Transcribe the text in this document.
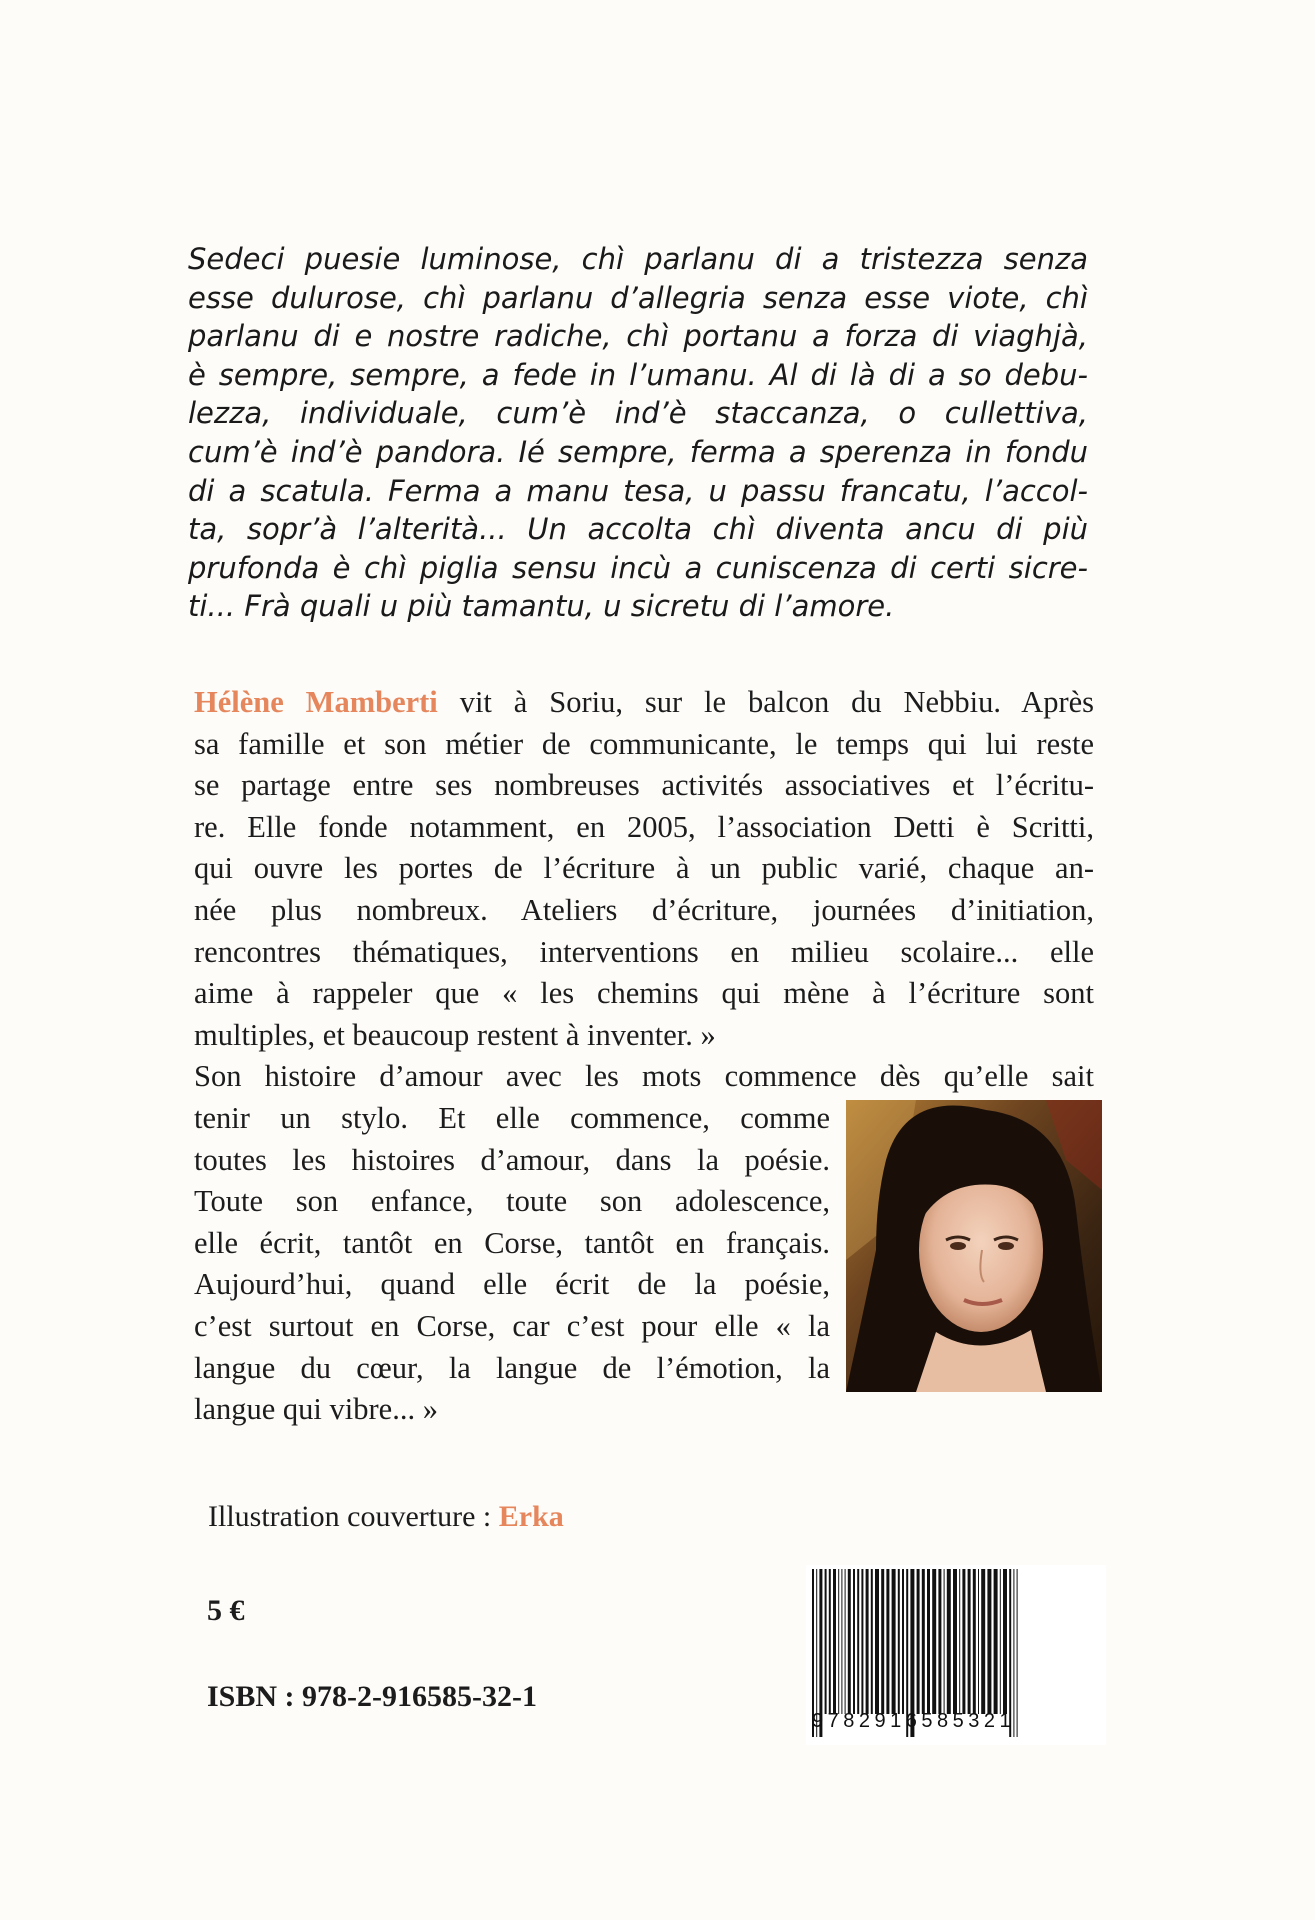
Sedeci puesie luminose, chì parlanu di a tristezza senza
esse dulurose, chì parlanu d’allegria senza esse viote, chì
parlanu di e nostre radiche, chì portanu a forza di viaghjà,
è sempre, sempre, a fede in l’umanu. Al di là di a so debu-
lezza, individuale, cum’è ind’è staccanza, o cullettiva,
cum’è ind’è pandora. Ié sempre, ferma a sperenza in fondu
di a scatula. Ferma a manu tesa, u passu francatu, l’accol-
ta, sopr’à l’alterità... Un accolta chì diventa ancu di più
prufonda è chì piglia sensu incù a cuniscenza di certi sicre-
ti... Frà quali u più tamantu, u sicretu di l’amore.
Hélène Mamberti vit à Soriu, sur le balcon du Nebbiu. Après
sa famille et son métier de communicante, le temps qui lui reste
se partage entre ses nombreuses activités associatives et l’écritu-
re. Elle fonde notamment, en 2005, l’association Detti è Scritti,
qui ouvre les portes de l’écriture à un public varié, chaque an-
née plus nombreux. Ateliers d’écriture, journées d’initiation,
rencontres thématiques, interventions en milieu scolaire... elle
aime à rappeler que « les chemins qui mène à l’écriture sont
multiples, et beaucoup restent à inventer. »
Son histoire d’amour avec les mots commence dès qu’elle sait
tenir un stylo. Et elle commence, comme
toutes les histoires d’amour, dans la poésie.
Toute son enfance, toute son adolescence,
elle écrit, tantôt en Corse, tantôt en français.
Aujourd’hui, quand elle écrit de la poésie,
c’est surtout en Corse, car c’est pour elle « la
langue du cœur, la langue de l’émotion, la
langue qui vibre... »
Illustration couverture : Erka
5 €
ISBN : 978-2-916585-32-1
9782916585321
